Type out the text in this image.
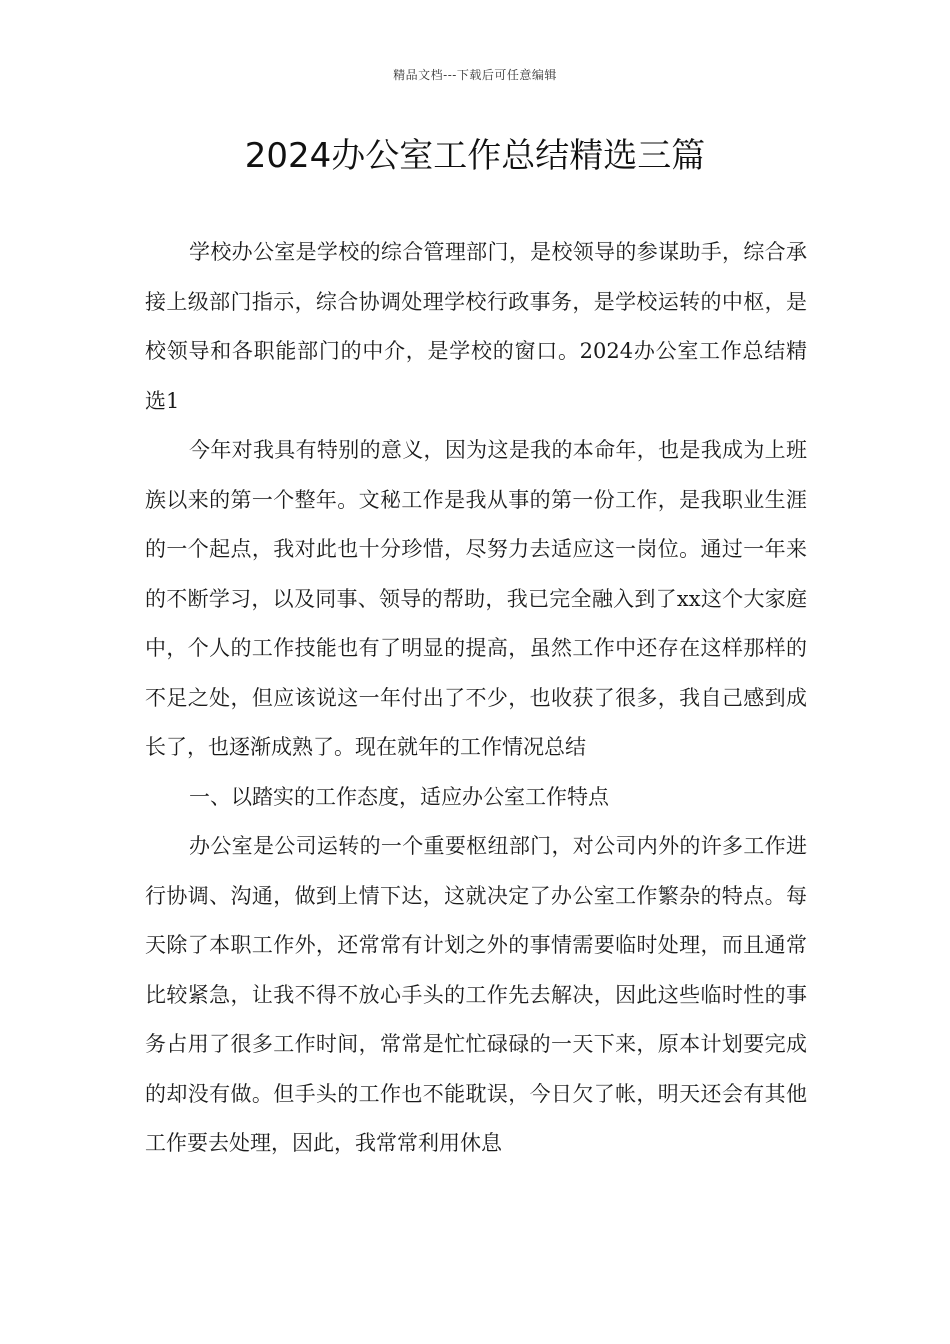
精品文档---下载后可任意编辑
2024办公室工作总结精选三篇

学校办公室是学校的综合管理部门，是校领导的参谋助手，综合承接上级部门指示，综合协调处理学校行政事务，是学校运转的中枢，是校领导和各职能部门的中介，是学校的窗口。2024办公室工作总结精选1

今年对我具有特别的意义，因为这是我的本命年，也是我成为上班族以来的第一个整年。文秘工作是我从事的第一份工作，是我职业生涯的一个起点，我对此也十分珍惜，尽努力去适应这一岗位。通过一年来的不断学习，以及同事、领导的帮助，我已完全融入到了xx这个大家庭中，个人的工作技能也有了明显的提高，虽然工作中还存在这样那样的不足之处，但应该说这一年付出了不少，也收获了很多，我自己感到成长了，也逐渐成熟了。现在就年的工作情况总结

一、以踏实的工作态度，适应办公室工作特点

办公室是公司运转的一个重要枢纽部门，对公司内外的许多工作进行协调、沟通，做到上情下达，这就决定了办公室工作繁杂的特点。每天除了本职工作外，还常常有计划之外的事情需要临时处理，而且通常比较紧急，让我不得不放心手头的工作先去解决，因此这些临时性的事务占用了很多工作时间，常常是忙忙碌碌的一天下来，原本计划要完成的却没有做。但手头的工作也不能耽误，今日欠了帐，明天还会有其他工作要去处理，因此，我常常利用休息
